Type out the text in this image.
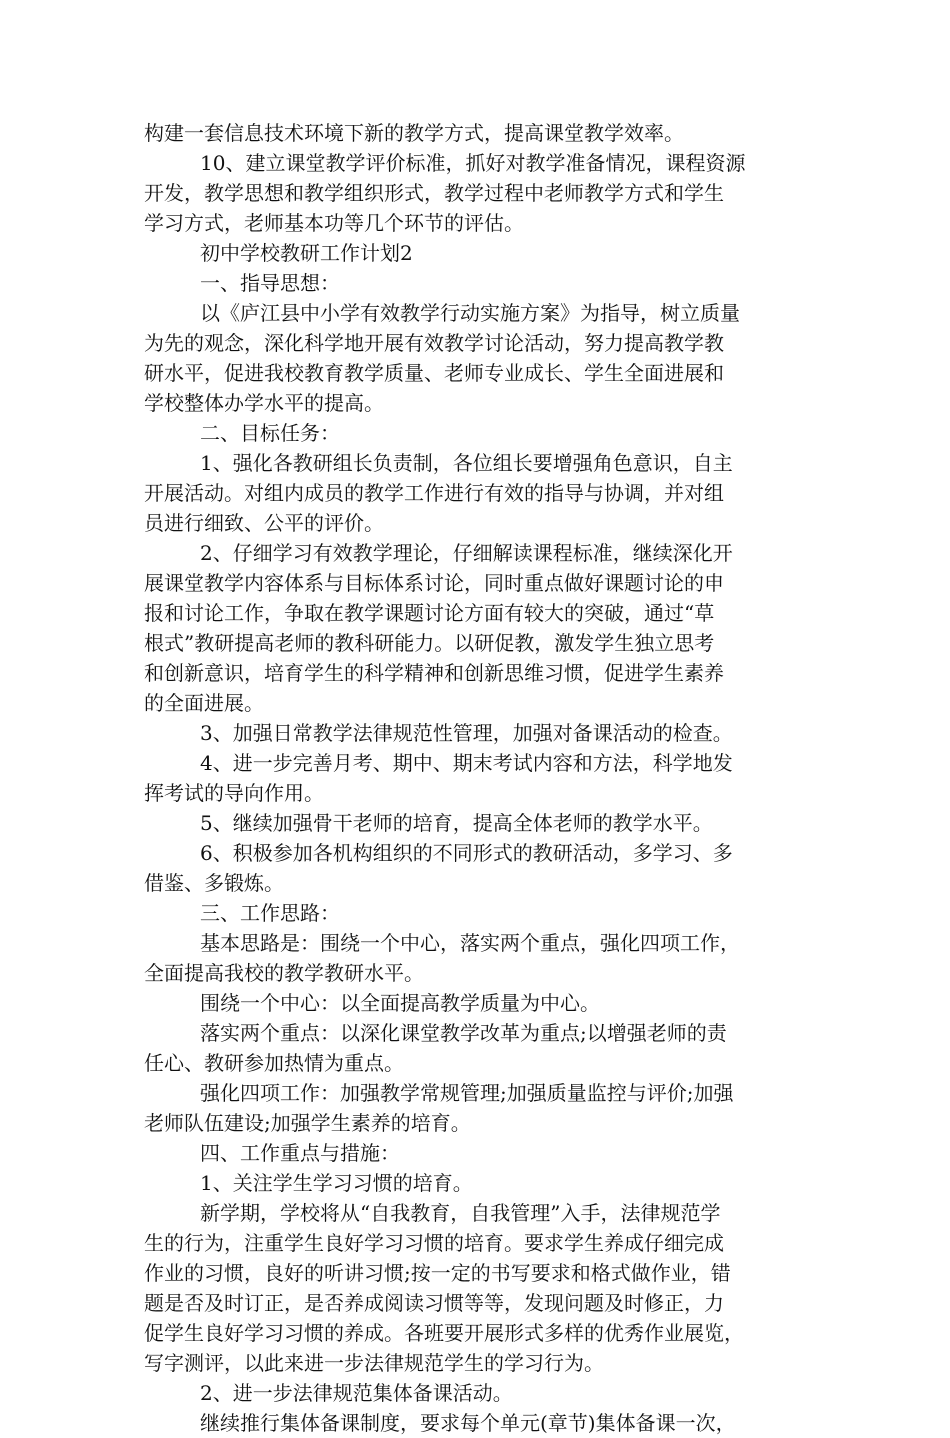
构建一套信息技术环境下新的教学方式，提高课堂教学效率。
10、建立课堂教学评价标准，抓好对教学准备情况，课程资源
开发，教学思想和教学组织形式，教学过程中老师教学方式和学生
学习方式，老师基本功等几个环节的评估。
初中学校教研工作计划2
一、指导思想：
以《庐江县中小学有效教学行动实施方案》为指导，树立质量
为先的观念，深化科学地开展有效教学讨论活动，努力提高教学教
研水平，促进我校教育教学质量、老师专业成长、学生全面进展和
学校整体办学水平的提高。
二、目标任务：
1、强化各教研组长负责制，各位组长要增强角色意识，自主
开展活动。对组内成员的教学工作进行有效的指导与协调，并对组
员进行细致、公平的评价。
2、仔细学习有效教学理论，仔细解读课程标准，继续深化开
展课堂教学内容体系与目标体系讨论，同时重点做好课题讨论的申
报和讨论工作，争取在教学课题讨论方面有较大的突破，通过“草
根式”教研提高老师的教科研能力。以研促教，激发学生独立思考
和创新意识，培育学生的科学精神和创新思维习惯，促进学生素养
的全面进展。
3、加强日常教学法律规范性管理，加强对备课活动的检查。
4、进一步完善月考、期中、期末考试内容和方法，科学地发
挥考试的导向作用。
5、继续加强骨干老师的培育，提高全体老师的教学水平。
6、积极参加各机构组织的不同形式的教研活动，多学习、多
借鉴、多锻炼。
三、工作思路：
基本思路是：围绕一个中心，落实两个重点，强化四项工作，
全面提高我校的教学教研水平。
围绕一个中心：以全面提高教学质量为中心。
落实两个重点：以深化课堂教学改革为重点;以增强老师的责
任心、教研参加热情为重点。
强化四项工作：加强教学常规管理;加强质量监控与评价;加强
老师队伍建设;加强学生素养的培育。
四、工作重点与措施：
1、关注学生学习习惯的培育。
新学期，学校将从“自我教育，自我管理”入手，法律规范学
生的行为，注重学生良好学习习惯的培育。要求学生养成仔细完成
作业的习惯，良好的听讲习惯;按一定的书写要求和格式做作业，错
题是否及时订正，是否养成阅读习惯等等，发现问题及时修正，力
促学生良好学习习惯的养成。各班要开展形式多样的优秀作业展览，
写字测评，以此来进一步法律规范学生的学习行为。
2、进一步法律规范集体备课活动。
继续推行集体备课制度，要求每个单元(章节)集体备课一次，
